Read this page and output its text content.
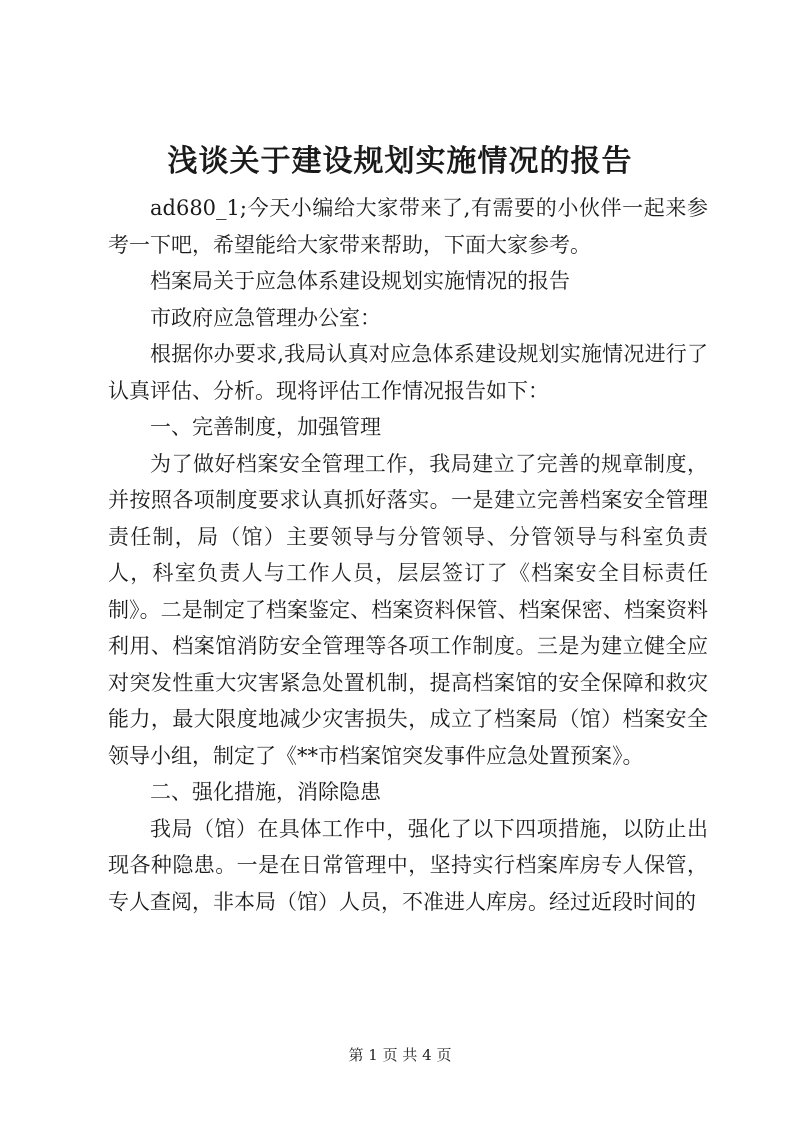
浅谈关于建设规划实施情况的报告

ad680_1;今天小编给大家带来了,有需要的小伙伴一起来参考一下吧，希望能给大家带来帮助，下面大家参考。

档案局关于应急体系建设规划实施情况的报告

市政府应急管理办公室：

根据你办要求,我局认真对应急体系建设规划实施情况进行了认真评估、分析。现将评估工作情况报告如下：

一、完善制度，加强管理

为了做好档案安全管理工作，我局建立了完善的规章制度，并按照各项制度要求认真抓好落实。一是建立完善档案安全管理责任制，局（馆）主要领导与分管领导、分管领导与科室负责人，科室负责人与工作人员，层层签订了《档案安全目标责任制》。二是制定了档案鉴定、档案资料保管、档案保密、档案资料利用、档案馆消防安全管理等各项工作制度。三是为建立健全应对突发性重大灾害紧急处置机制，提高档案馆的安全保障和救灾能力，最大限度地减少灾害损失，成立了档案局（馆）档案安全领导小组，制定了《**市档案馆突发事件应急处置预案》。

二、强化措施，消除隐患

我局（馆）在具体工作中，强化了以下四项措施，以防止出现各种隐患。一是在日常管理中，坚持实行档案库房专人保管，专人查阅，非本局（馆）人员，不准进人库房。经过近段时间的

第 1 页 共 4 页
